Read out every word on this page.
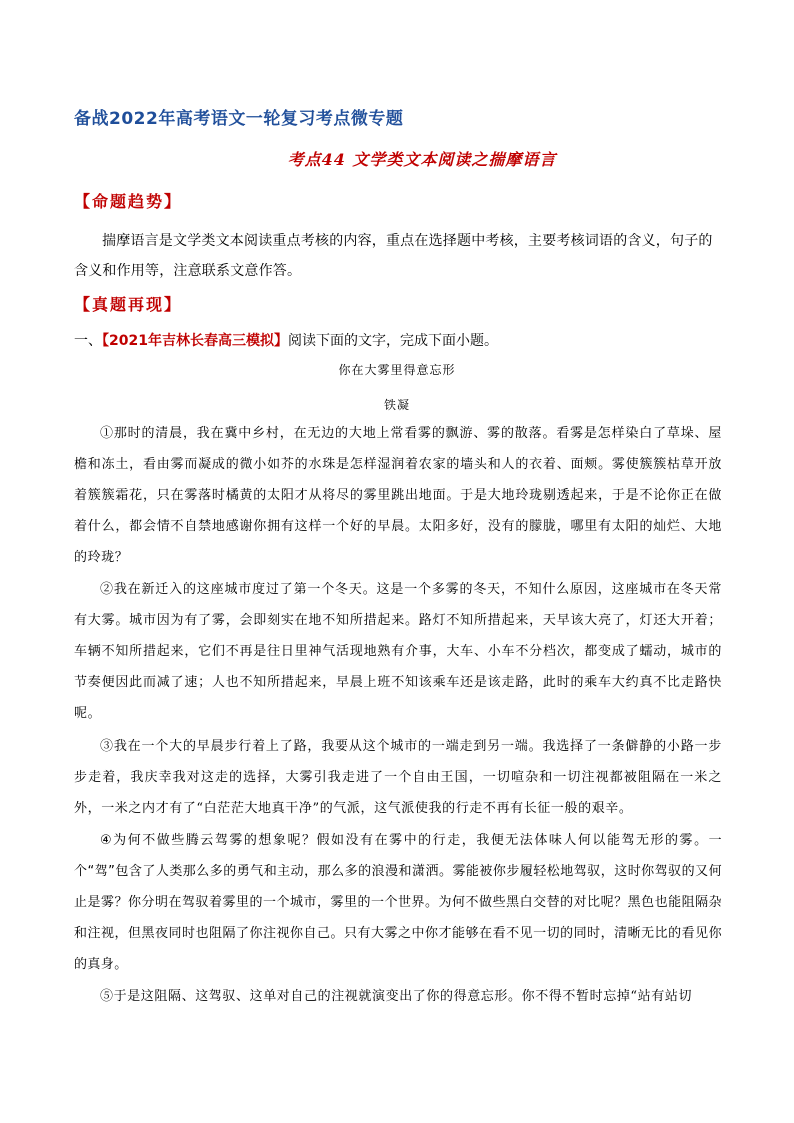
备战2022年高考语文一轮复习考点微专题
考点44 文学类文本阅读之揣摩语言
【命题趋势】
揣摩语言是文学类文本阅读重点考核的内容，重点在选择题中考核，主要考核词语的含义，句子的含义和作用等，注意联系文意作答。
【真题再现】
一、【2021年吉林长春高三模拟】阅读下面的文字，完成下面小题。
你在大雾里得意忘形
铁凝
①那时的清晨，我在冀中乡村，在无边的大地上常看雾的飘游、雾的散落。看雾是怎样染白了草垛、屋檐和冻土，看由雾而凝成的微小如芥的水珠是怎样湿润着农家的墙头和人的衣着、面颊。雾使簇簇枯草开放着簇簇霜花，只在雾落时橘黄的太阳才从将尽的雾里跳出地面。于是大地玲珑剔透起来，于是不论你正在做着什么，都会情不自禁地感谢你拥有这样一个好的早晨。太阳多好，没有的朦胧，哪里有太阳的灿烂、大地的玲珑？
②我在新迁入的这座城市度过了第一个冬天。这是一个多雾的冬天，不知什么原因，这座城市在冬天常有大雾。城市因为有了雾，会即刻实在地不知所措起来。路灯不知所措起来，天早该大亮了，灯还大开着；车辆不知所措起来，它们不再是往日里神气活现地熟有介事，大车、小车不分档次，都变成了蠕动，城市的节奏便因此而减了速；人也不知所措起来，早晨上班不知该乘车还是该走路，此时的乘车大约真不比走路快呢。
③我在一个大的早晨步行着上了路，我要从这个城市的一端走到另一端。我选择了一条僻静的小路一步步走着，我庆幸我对这走的选择，大雾引我走进了一个自由王国，一切喧杂和一切注视都被阻隔在一米之外，一米之内才有了“白茫茫大地真干净”的气派，这气派使我的行走不再有长征一般的艰辛。
④为何不做些腾云驾雾的想象呢？假如没有在雾中的行走，我便无法体味人何以能驾无形的雾。一个“驾”包含了人类那么多的勇气和主动，那么多的浪漫和潇洒。雾能被你步履轻松地驾驭，这时你驾驭的又何止是雾？你分明在驾驭着雾里的一个城市，雾里的一个世界。为何不做些黑白交替的对比呢？黑色也能阻隔杂和注视，但黑夜同时也阻隔了你注视你自己。只有大雾之中你才能够在看不见一切的同时，清晰无比的看见你的真身。
⑤于是这阻隔、这驾驭、这单对自己的注视就演变出了你的得意忘形。你不得不暂时忘掉“站有站切
